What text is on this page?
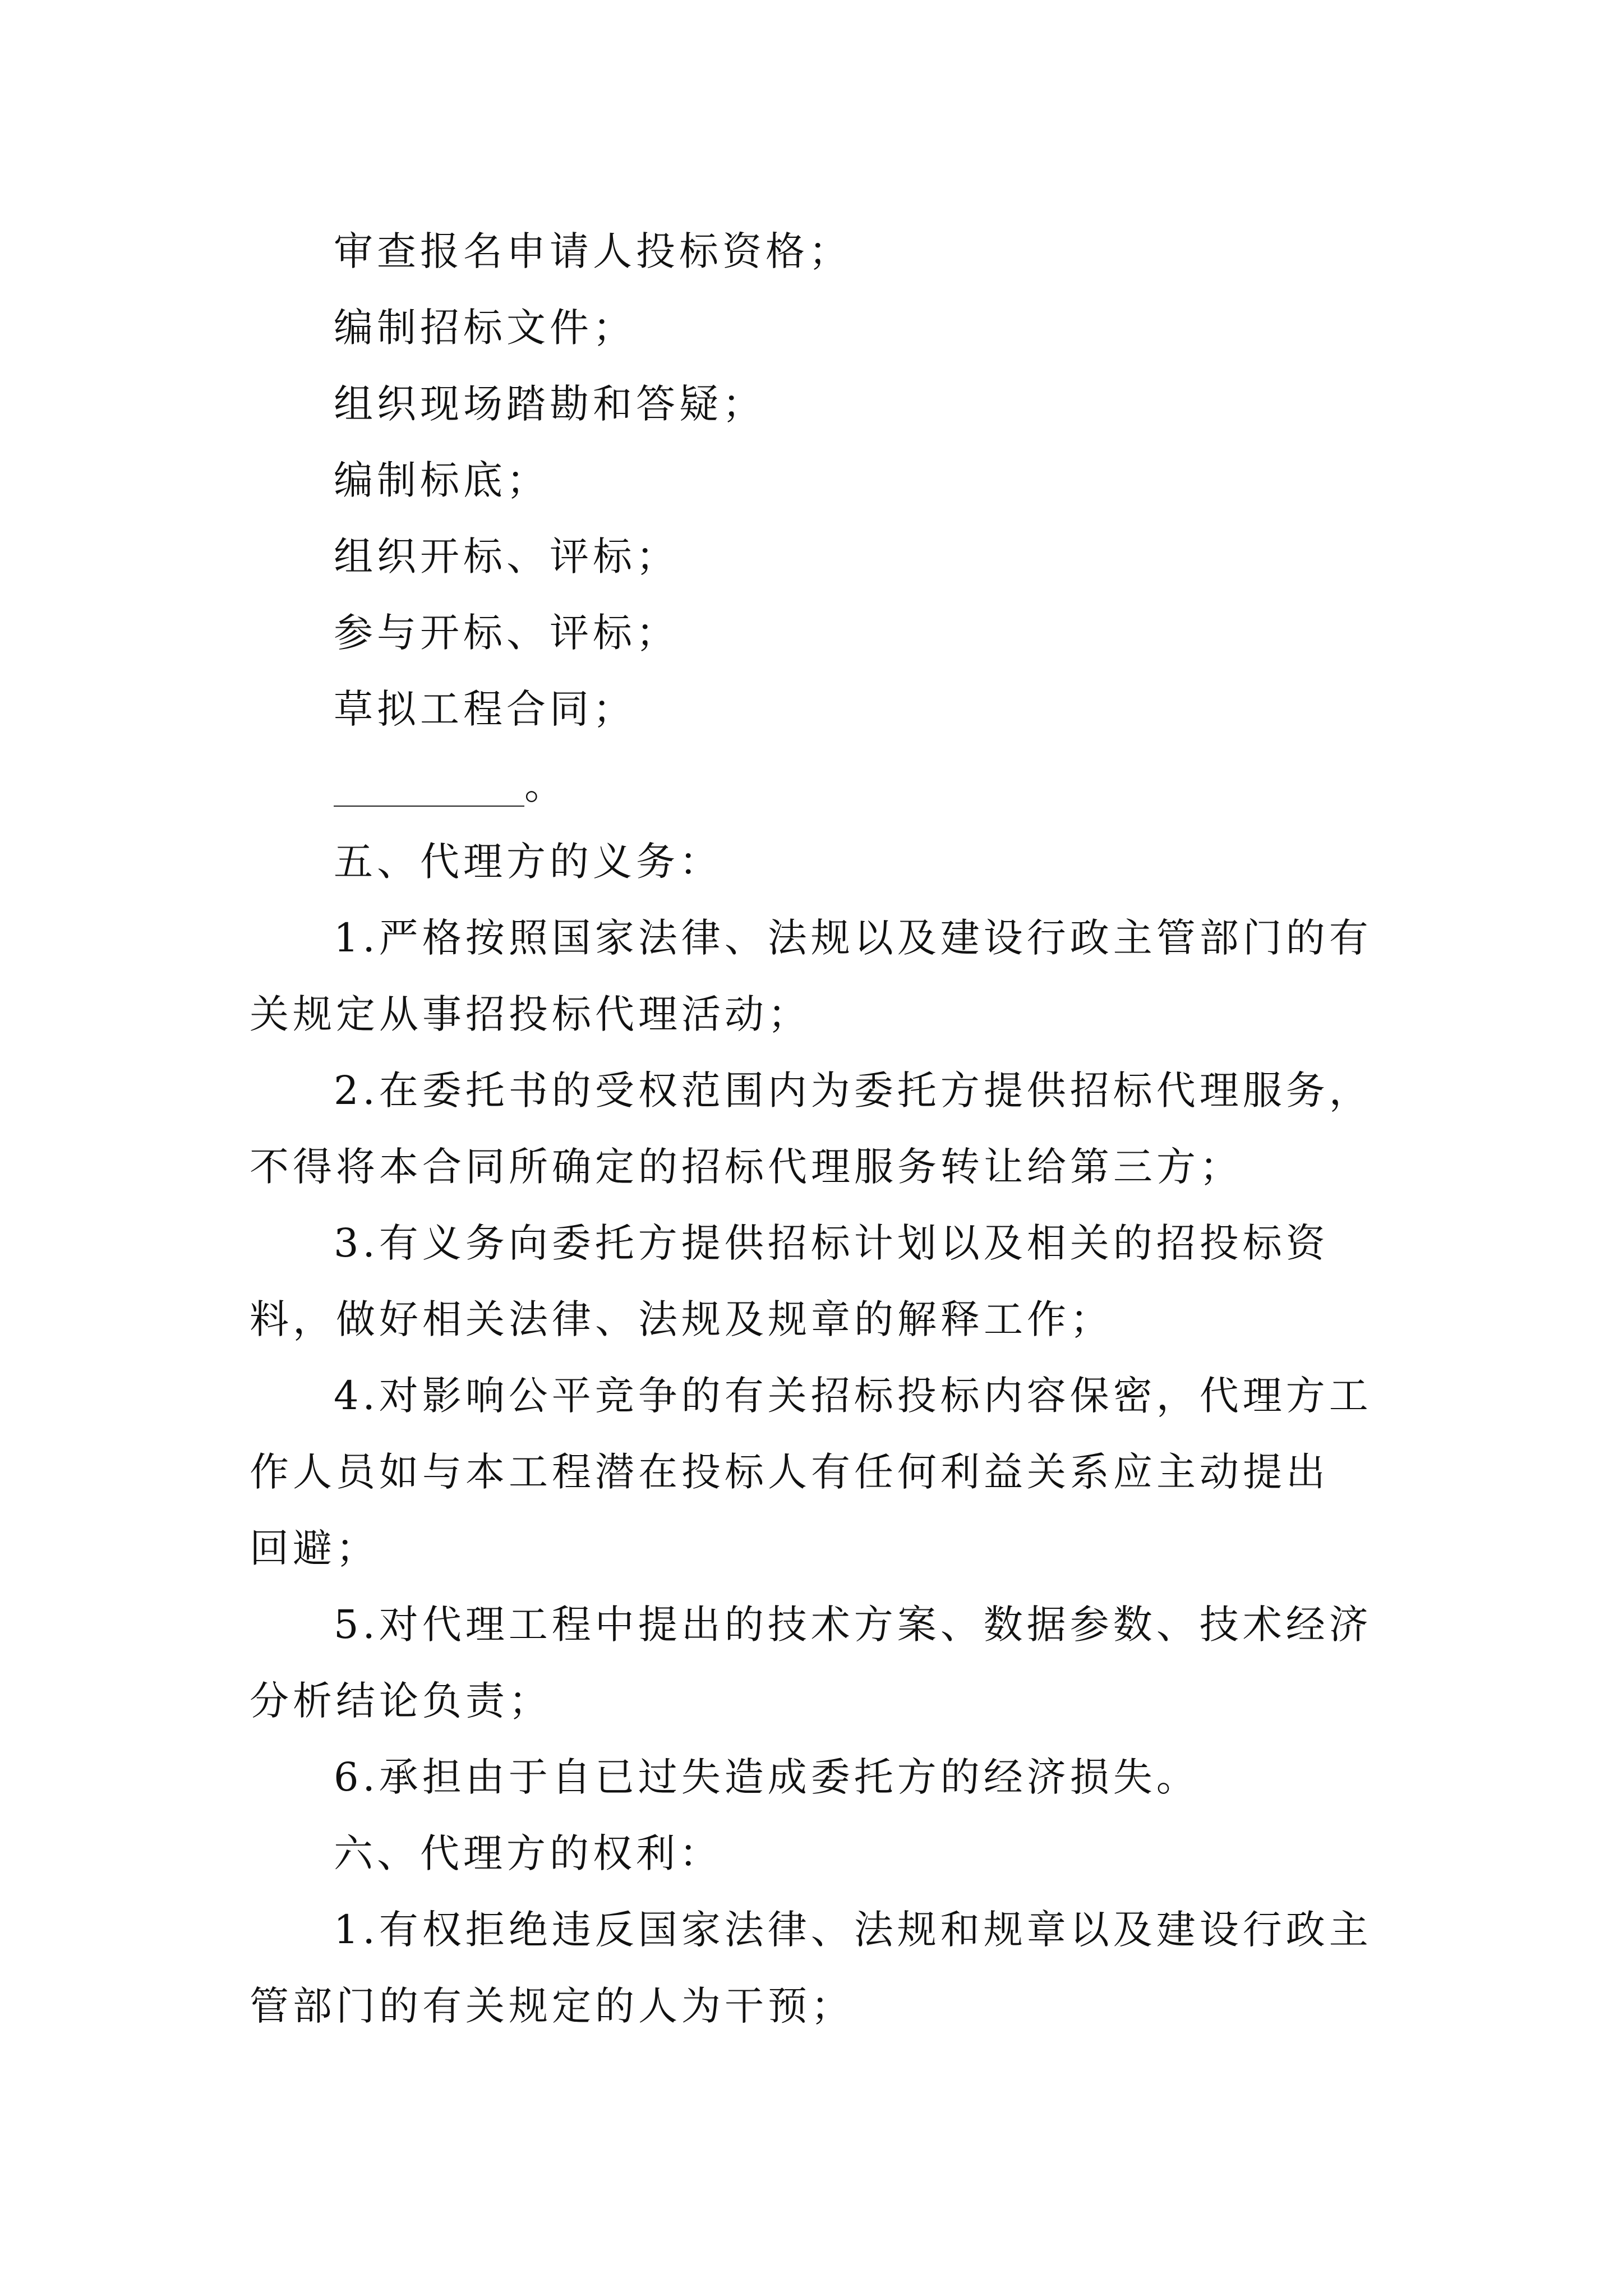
审查报名申请人投标资格；
编制招标文件；
组织现场踏勘和答疑；
编制标底；
组织开标、评标；
参与开标、评标；
草拟工程合同；
。
五、代理方的义务：
1.严格按照国家法律、法规以及建设行政主管部门的有
关规定从事招投标代理活动；
2.在委托书的受权范围内为委托方提供招标代理服务，
不得将本合同所确定的招标代理服务转让给第三方；
3.有义务向委托方提供招标计划以及相关的招投标资
料，做好相关法律、法规及规章的解释工作；
4.对影响公平竞争的有关招标投标内容保密，代理方工
作人员如与本工程潜在投标人有任何利益关系应主动提出
回避；
5.对代理工程中提出的技术方案、数据参数、技术经济
分析结论负责；
6.承担由于自已过失造成委托方的经济损失。
六、代理方的权利：
1.有权拒绝违反国家法律、法规和规章以及建设行政主
管部门的有关规定的人为干预；
